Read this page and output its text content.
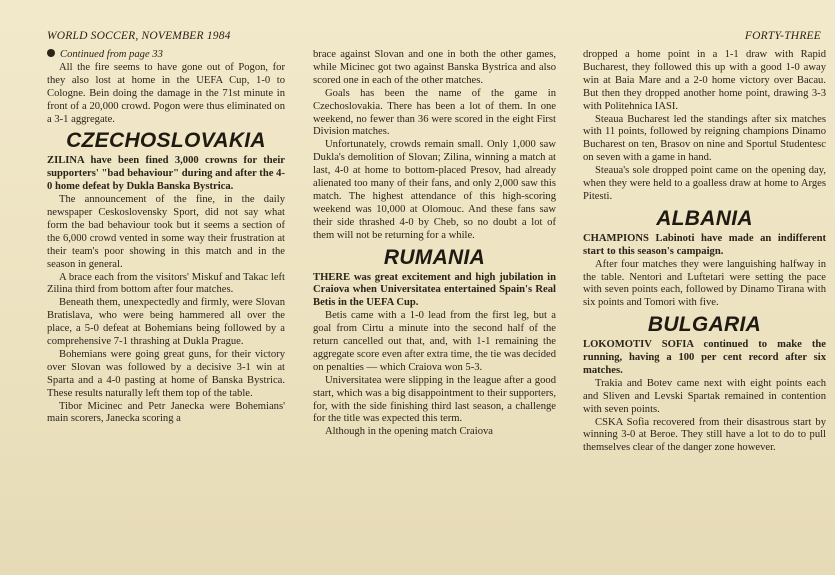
WORLD SOCCER, NOVEMBER 1984	FORTY-THREE

Continued from page 33

All the fire seems to have gone out of Pogon, for they also lost at home in the UEFA Cup, 1-0 to Cologne. Bein doing the damage in the 71st minute in front of a 20,000 crowd. Pogon were thus eliminated on a 3-1 aggregate.

CZECHOSLOVAKIA

ZILINA have been fined 3,000 crowns for their supporters' "bad behaviour" during and after the 4-0 home defeat by Dukla Banska Bystrica.

The announcement of the fine, in the daily newspaper Ceskoslovensky Sport, did not say what form the bad behaviour took but it seems a section of the 6,000 crowd vented in some way their frustration at their team's poor showing in this match and in the season in general.

A brace each from the visitors' Miskuf and Takac left Zilina third from bottom after four matches.

Beneath them, unexpectedly and firmly, were Slovan Bratislava, who were being hammered all over the place, a 5-0 defeat at Bohemians being followed by a comprehensive 7-1 thrashing at Dukla Prague.

Bohemians were going great guns, for their victory over Slovan was followed by a decisive 3-1 win at Sparta and a 4-0 pasting at home of Banska Bystrica. These results naturally left them top of the table.

Tibor Micinec and Petr Janecka were Bohemians' main scorers, Janecka scoring a

brace against Slovan and one in both the other games, while Micinec got two against Banska Bystrica and also scored one in each of the other matches.

Goals has been the name of the game in Czechoslovakia. There has been a lot of them. In one weekend, no fewer than 36 were scored in the eight First Division matches.

Unfortunately, crowds remain small. Only 1,000 saw Dukla's demolition of Slovan; Zilina, winning a match at last, 4-0 at home to bottom-placed Presov, had already alienated too many of their fans, and only 2,000 saw this match. The highest attendance of this high-scoring weekend was 10,000 at Olomouc. And these fans saw their side thrashed 4-0 by Cheb, so no doubt a lot of them will not be returning for a while.

RUMANIA

THERE was great excitement and high jubilation in Craiova when Universitatea entertained Spain's Real Betis in the UEFA Cup.

Betis came with a 1-0 lead from the first leg, but a goal from Cirtu a minute into the second half of the return cancelled out that, and, with 1-1 remaining the aggregate score even after extra time, the tie was decided on penalties — which Craiova won 5-3.

Universitatea were slipping in the league after a good start, which was a big disappointment to their supporters, for, with the side finishing third last season, a challenge for the title was expected this term.

Although in the opening match Craiova

dropped a home point in a 1-1 draw with Rapid Bucharest, they followed this up with a good 1-0 away win at Baia Mare and a 2-0 home victory over Bacau. But then they dropped another home point, drawing 3-3 with Politehnica IASI.

Steaua Bucharest led the standings after six matches with 11 points, followed by reigning champions Dinamo Bucharest on ten, Brasov on nine and Sportul Studentesc on seven with a game in hand.

Steaua's sole dropped point came on the opening day, when they were held to a goalless draw at home to Arges Pitesti.

ALBANIA

CHAMPIONS Labinoti have made an indifferent start to this season's campaign.

After four matches they were languishing halfway in the table. Nentori and Luftetari were setting the pace with seven points each, followed by Dinamo Tirana with six points and Tomori with five.

BULGARIA

LOKOMOTIV SOFIA continued to make the running, having a 100 per cent record after six matches.

Trakia and Botev came next with eight points each and Sliven and Levski Spartak remained in contention with seven points.

CSKA Sofia recovered from their disastrous start by winning 3-0 at Beroe. They still have a lot to do to pull themselves clear of the danger zone however.
